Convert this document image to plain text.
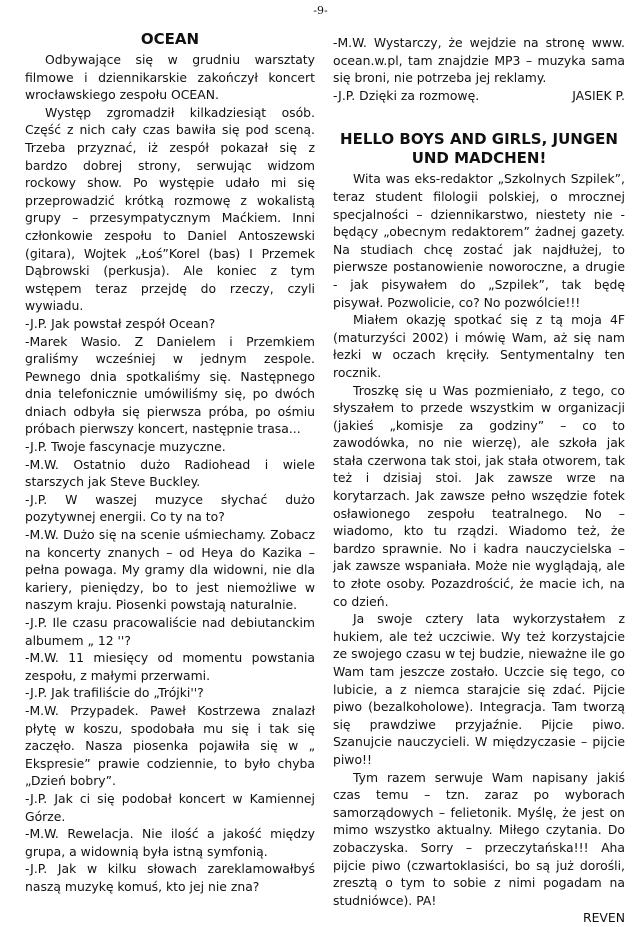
-9-
OCEAN

Odbywające się w grudniu warsztaty filmowe i dziennikarskie zakończył koncert wrocławskiego zespołu OCEAN.

Występ zgromadził kilkadziesiąt osób. Część z nich cały czas bawiła się pod sceną. Trzeba przyznać, iż zespół pokazał się z bardzo dobrej strony, serwując widzom rockowy show. Po występie udało mi się przeprowadzić krótką rozmowę z wokalistą grupy – przesympatycznym Maćkiem. Inni członkowie zespołu to Daniel Antoszewski (gitara), Wojtek „Łoś”Korel (bas) I Przemek Dąbrowski (perkusja). Ale koniec z tym wstępem teraz przejdę do rzeczy, czyli wywiadu.

-J.P. Jak powstał zespół Ocean?

-Marek Wasio. Z Danielem i Przemkiem graliśmy wcześniej w jednym zespole. Pewnego dnia spotkaliśmy się. Następnego dnia telefonicznie umówiliśmy się, po dwóch dniach odbyła się pierwsza próba, po ośmiu próbach pierwszy koncert, następnie trasa...

-J.P. Twoje fascynacje muzyczne.

-M.W. Ostatnio dużo Radiohead i wiele starszych jak Steve Buckley.

-J.P. W waszej muzyce słychać dużo pozytywnej energii. Co ty na to?

-M.W. Dużo się na scenie uśmiechamy. Zobacz na koncerty znanych – od Heya do Kazika – pełna powaga. My gramy dla widowni, nie dla kariery, pieniędzy, bo to jest niemożliwe w naszym kraju. Piosenki powstają naturalnie.

-J.P. Ile czasu pracowaliście nad debiutanckim albumem „ 12 ''?

-M.W. 11 miesięcy od momentu powstania zespołu, z małymi przerwami.

-J.P. Jak trafiliście do „Trójki''?

-M.W. Przypadek. Paweł Kostrzewa znalazł płytę w koszu, spodobała mu się i tak się zaczęło. Nasza piosenka pojawiła się w „ Ekspresie” prawie codziennie, to było chyba „Dzień bobry”.

-J.P. Jak ci się podobał koncert w Kamiennej Górze.

-M.W. Rewelacja. Nie ilość a jakość między grupa, a widownią była istną symfonią.

-J.P. Jak w kilku słowach zareklamowałbyś naszą muzykę komuś, kto jej nie zna?

-M.W. Wystarczy, że wejdzie na stronę www. ocean.w.pl, tam znajdzie MP3 – muzyka sama się broni, nie potrzeba jej reklamy.

-J.P. Dzięki za rozmowę.	JASIEK P.

HELLO BOYS AND GIRLS, JUNGEN UND MADCHEN!

Wita was eks-redaktor „Szkolnych Szpilek”, teraz student filologii polskiej, o mrocznej specjalności – dziennikarstwo, niestety nie -będący „obecnym redaktorem” żadnej gazety. Na studiach chcę zostać jak najdłużej, to pierwsze postanowienie noworoczne, a drugie - jak pisywałem do „Szpilek”, tak będę pisywał. Pozwolicie, co? No pozwólcie!!!

Miałem okazję spotkać się z tą moja 4F (maturzyści 2002) i mówię Wam, aż się nam łezki w oczach kręciły. Sentymentalny ten rocznik.

Troszkę się u Was pozmieniało, z tego, co słyszałem to przede wszystkim w organizacji (jakieś „komisje za godziny” – co to zawodówka, no nie wierzę), ale szkoła jak stała czerwona tak stoi, jak stała otworem, tak też i dzisiaj stoi. Jak zawsze wrze na korytarzach. Jak zawsze pełno wszędzie fotek osławionego zespołu teatralnego. No – wiadomo, kto tu rządzi. Wiadomo też, że bardzo sprawnie. No i kadra nauczycielska – jak zawsze wspaniała. Może nie wyglądają, ale to złote osoby. Pozazdrościć, że macie ich, na co dzień.

Ja swoje cztery lata wykorzystałem z hukiem, ale też uczciwie. Wy też korzystajcie ze swojego czasu w tej budzie, nieważne ile go Wam tam jeszcze zostało. Uczcie się tego, co lubicie, a z niemca starajcie się zdać. Pijcie piwo (bezalkoholowe). Integracja. Tam tworzą się prawdziwe przyjaźnie. Pijcie piwo. Szanujcie nauczycieli. W międzyczasie – pijcie piwo!!

Tym razem serwuje Wam napisany jakiś czas temu – tzn. zaraz po wyborach samorządowych – felietonik. Myślę, że jest on mimo wszystko aktualny. Miłego czytania. Do zobaczyska. Sorry – przeczytańska!!! Aha pijcie piwo (czwartoklasiści, bo są już dorośli, zresztą o tym to sobie z nimi pogadam na studniówce). PA!

REVEN
